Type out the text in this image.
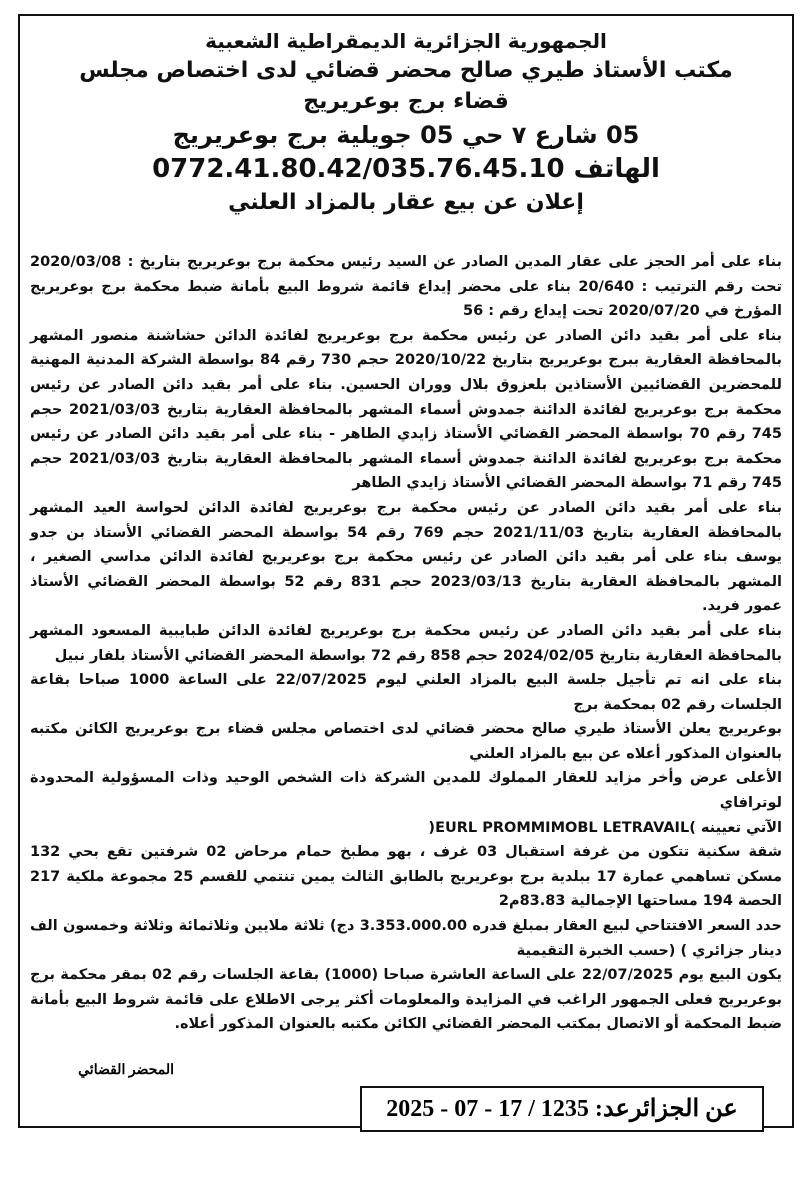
الجمهورية الجزائرية الديمقراطية الشعبية
مكتب الأستاذ طيري صالح محضر قضائي لدى اختصاص مجلس
قضاء برج بوعريريج
05 شارع ٧ حي 05 جويلية برج بوعريريج
الهاتف 0772.41.80.42/035.76.45.10
إعلان عن بيع عقار بالمزاد العلني

بناء على أمر الحجز على عقار المدين الصادر عن السيد رئيس محكمة برج بوعريريج بتاريخ : 2020/03/08 تحت رقم الترتيب : 20/640 بناء على محضر إيداع قائمة شروط البيع بأمانة ضبط محكمة برج بوعريريج المؤرخ في 2020/07/20 تحت إيداع رقم : 56

بناء على أمر بقيد دائن الصادر عن رئيس محكمة برج بوعريريج لفائدة الدائن حشاشنة منصور المشهر بالمحافظة العقارية ببرج بوعريريج بتاريخ 2020/10/22 حجم 730 رقم 84 بواسطة الشركة المدنية المهنية للمحضرين القضائيين الأستاذين بلعزوق بلال ووران الحسين. بناء على أمر بقيد دائن الصادر عن رئيس محكمة برج بوعريريج لفائدة الدائنة جمدوش أسماء المشهر بالمحافظة العقارية بتاريخ 2021/03/03 حجم 745 رقم 70 بواسطة المحضر القضائي الأستاذ زايدي الطاهر - بناء على أمر بقيد دائن الصادر عن رئيس محكمة برج بوعريريج لفائدة الدائنة جمدوش أسماء المشهر بالمحافظة العقارية بتاريخ 2021/03/03 حجم 745 رقم 71 بواسطة المحضر القضائي الأستاذ زايدي الطاهر

بناء على أمر بقيد دائن الصادر عن رئيس محكمة برج بوعريريج لفائدة الدائن لحواسة العيد المشهر بالمحافظة العقارية بتاريخ 2021/11/03 حجم 769 رقم 54 بواسطة المحضر القضائي الأستاذ بن جدو يوسف بناء على أمر بقيد دائن الصادر عن رئيس محكمة برج بوعريريج لفائدة الدائن مداسي الصغير ، المشهر بالمحافظة العقارية بتاريخ 2023/03/13 حجم 831 رقم 52 بواسطة المحضر القضائي الأستاذ عمور فريد.

بناء على أمر بقيد دائن الصادر عن رئيس محكمة برج بوعريريج لفائدة الدائن طبايبية المسعود المشهر بالمحافظة العقارية بتاريخ 2024/02/05 حجم 858 رقم 72 بواسطة المحضر القضائي الأستاذ بلفار نبيل

بناء على انه تم تأجيل جلسة البيع بالمزاد العلني ليوم 22/07/2025 على الساعة 1000 صباحا بقاعة الجلسات رقم 02 بمحكمة برج

بوعريريج يعلن الأستاذ طيري صالح محضر قضائي لدى اختصاص مجلس قضاء برج بوعريريج الكائن مكتبه بالعنوان المذكور أعلاه عن بيع بالمزاد العلني

الأعلى عرض وأخر مزايد للعقار المملوك للمدين الشركة ذات الشخص الوحيد وذات المسؤولية المحدودة لوترافاي

الآتي تعيينه )EURL PROMMIMOBL LETRAVAIL(

شقة سكنية تتكون من غرفة استقبال 03 غرف ، بهو مطبخ حمام مرحاض 02 شرفتين تقع بحي 132 مسكن تساهمي عمارة 17 ببلدية برج بوعريريج بالطابق الثالث يمين تنتمي للقسم 25 مجموعة ملكية 217 الحصة 194 مساحتها الإجمالية 83.83م2

حدد السعر الافتتاحي لبيع العقار بمبلغ قدره 3.353.000.00 دج) ثلاثة ملايين وثلاثمائة وثلاثة وخمسون الف دينار جزائري ) (حسب الخبرة التقيمية

يكون البيع يوم 22/07/2025 على الساعة العاشرة صباحا (1000) بقاعة الجلسات رقم 02 بمقر محكمة برج بوعريريج فعلى الجمهور الراغب في المزايدة والمعلومات أكثر يرجى الاطلاع على قائمة شروط البيع بأمانة ضبط المحكمة أو الاتصال بمكتب المحضر القضائي الكائن مكتبه بالعنوان المذكور أعلاه.

المحضر القضائي
عن الجزائرعد: 1235 / 17 - 07 - 2025
